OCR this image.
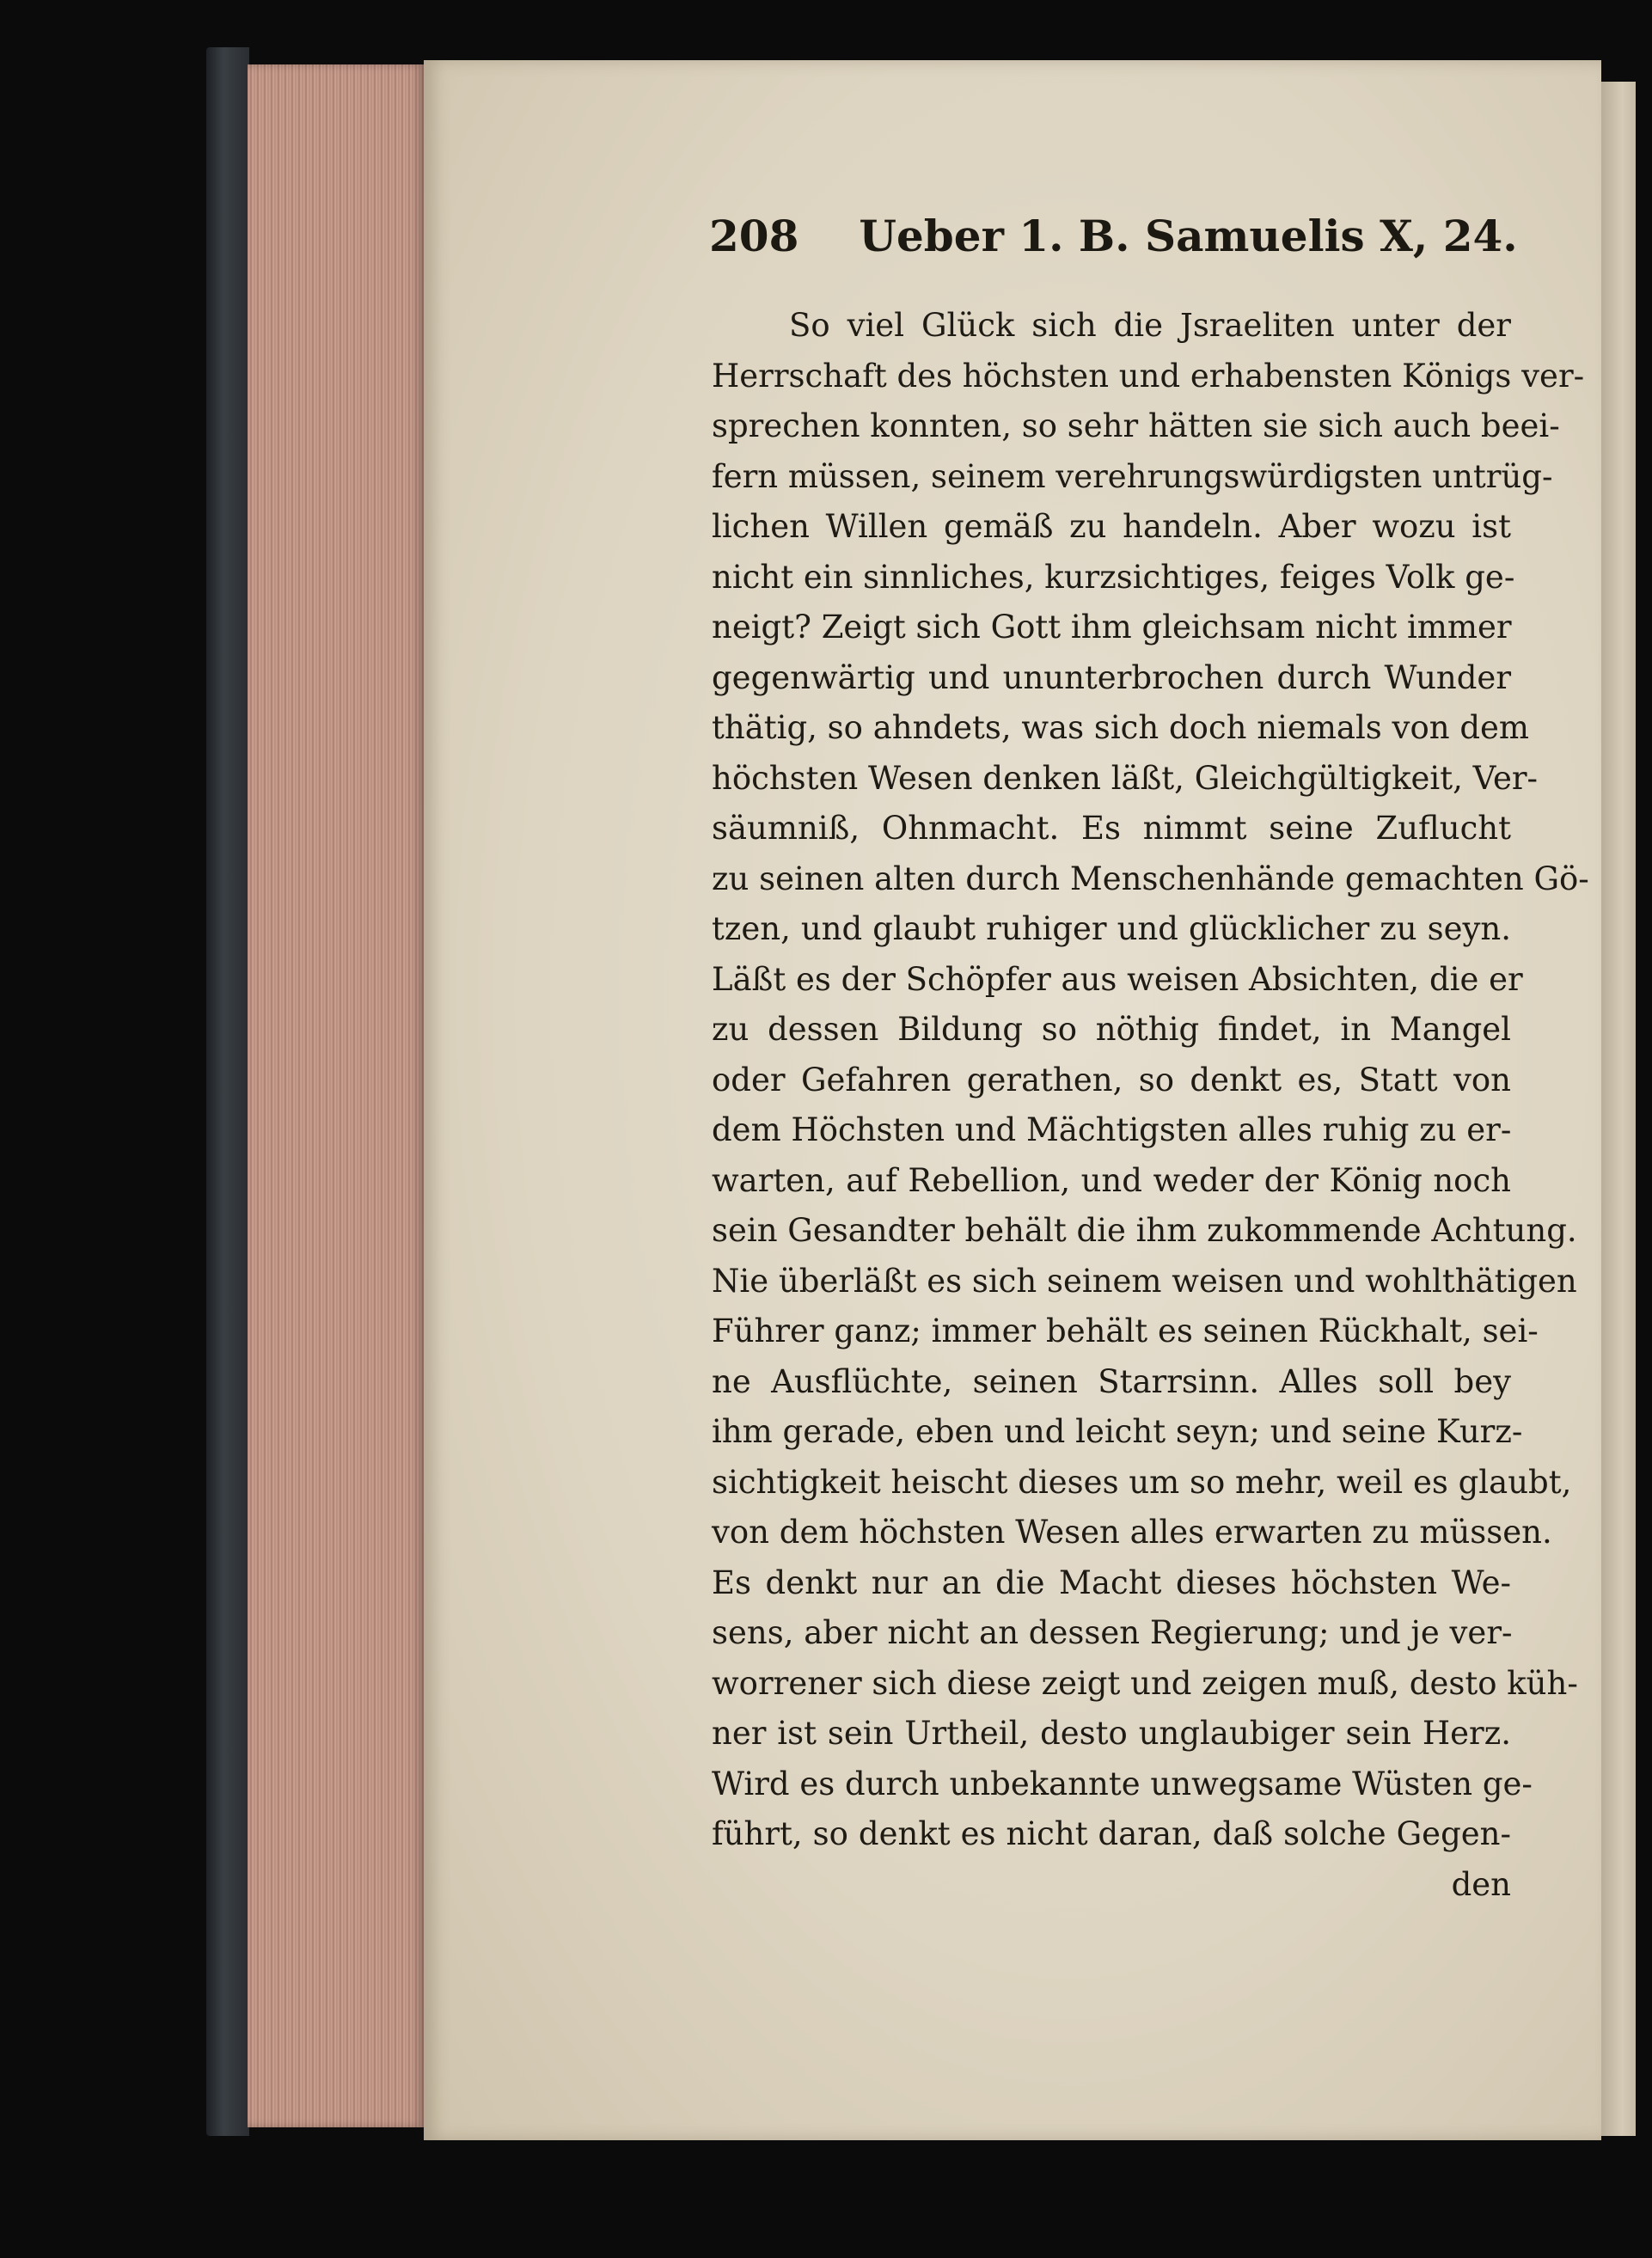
208 Ueber 1. B. Samuelis X, 24.
So viel Glück sich die Jsraeliten unter der
Herrschaft des höchsten und erhabensten Königs ver-
sprechen konnten, so sehr hätten sie sich auch beei-
fern müssen, seinem verehrungswürdigsten untrüg-
lichen Willen gemäß zu handeln. Aber wozu ist
nicht ein sinnliches, kurzsichtiges, feiges Volk ge-
neigt? Zeigt sich Gott ihm gleichsam nicht immer
gegenwärtig und ununterbrochen durch Wunder
thätig, so ahndets, was sich doch niemals von dem
höchsten Wesen denken läßt, Gleichgültigkeit, Ver-
säumniß, Ohnmacht. Es nimmt seine Zuflucht
zu seinen alten durch Menschenhände gemachten Gö-
tzen, und glaubt ruhiger und glücklicher zu seyn.
Läßt es der Schöpfer aus weisen Absichten, die er
zu dessen Bildung so nöthig findet, in Mangel
oder Gefahren gerathen, so denkt es, Statt von
dem Höchsten und Mächtigsten alles ruhig zu er-
warten, auf Rebellion, und weder der König noch
sein Gesandter behält die ihm zukommende Achtung.
Nie überläßt es sich seinem weisen und wohlthätigen
Führer ganz; immer behält es seinen Rückhalt, sei-
ne Ausflüchte, seinen Starrsinn. Alles soll bey
ihm gerade, eben und leicht seyn; und seine Kurz-
sichtigkeit heischt dieses um so mehr, weil es glaubt,
von dem höchsten Wesen alles erwarten zu müssen.
Es denkt nur an die Macht dieses höchsten We-
sens, aber nicht an dessen Regierung; und je ver-
worrener sich diese zeigt und zeigen muß, desto küh-
ner ist sein Urtheil, desto unglaubiger sein Herz.
Wird es durch unbekannte unwegsame Wüsten ge-
führt, so denkt es nicht daran, daß solche Gegen-
den
